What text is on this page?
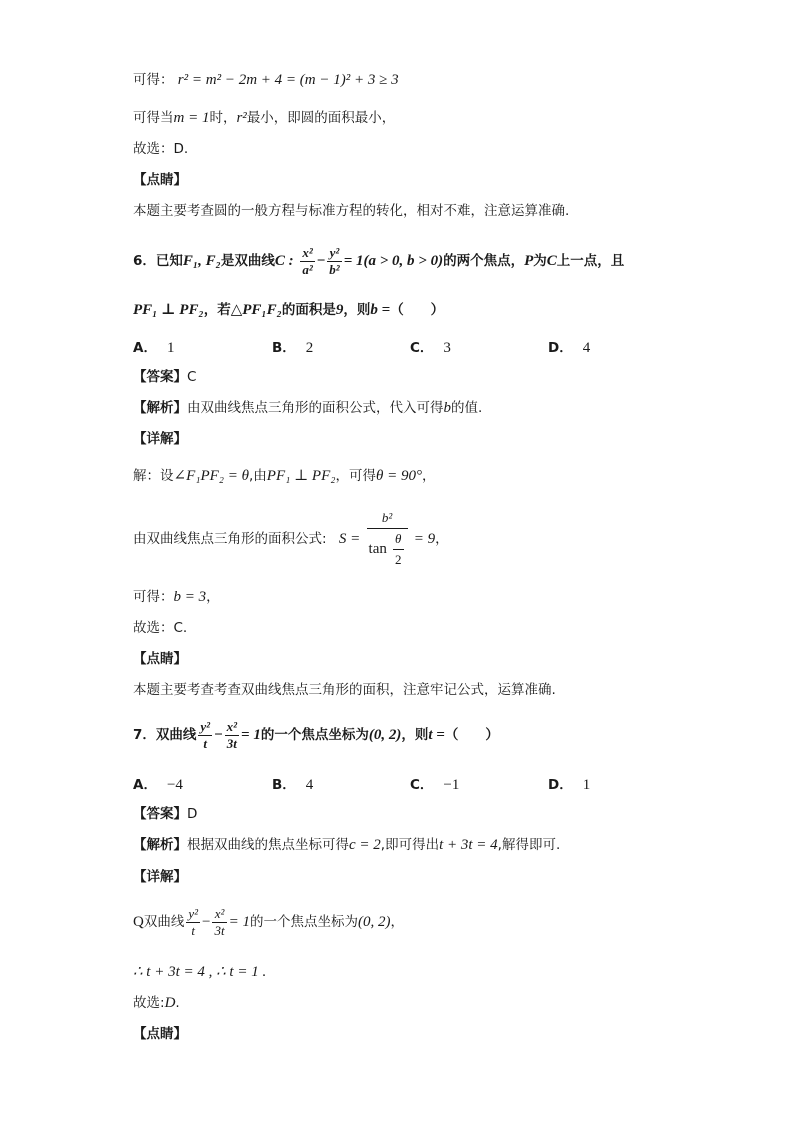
可得： r² = m² − 2m + 4 = (m − 1)² + 3 ≥ 3
可得当m = 1时，r²最小，即圆的面积最小，
故选：D.
【点睛】
本题主要考查圆的一般方程与标准方程的转化，相对不难，注意运算准确.
6．已知F₁, F₂是双曲线C : $\frac{\text{x²}}{\text{a²}} - \frac{\text{y²}}{\text{b²}} = 1(a > 0$, b > 0)的两个焦点，P为C上一点，且
PF₁ ⊥ PF₂，若△PF₁F₂的面积是9，则b =（　　）
A． 1	B． 2	C． 3	D． 4
【答案】C
【解析】由双曲线焦点三角形的面积公式，代入可得b的值.
【详解】
解：设∠F₁PF₂ = θ,由PF₁ ⊥ PF₂，可得θ = 90°，
由双曲线焦点三角形的面积公式: $S = \frac{\text{b²}}{\tan \frac{\theta}{2}} = 9$，
可得：b = 3，
故选：C.
【点睛】
本题主要考查考查双曲线焦点三角形的面积，注意牢记公式，运算准确.
7．双曲线 $\frac{\text{y²}}{t} - \frac{\text{x²}}{3t} = 1$的一个焦点坐标为(0, 2)，则t =（　　）
A． −4	B． 4	C． −1	D． 1
【答案】D
【解析】根据双曲线的焦点坐标可得c = 2,即可得出t + 3t = 4,解得即可.
【详解】
Q双曲线 $\frac{\text{y²}}{t} - \frac{\text{x²}}{3t} = 1$的一个焦点坐标为(0, 2)，
∴ t + 3t = 4 , ∴ t = 1 .
故选:D.
【点睛】
